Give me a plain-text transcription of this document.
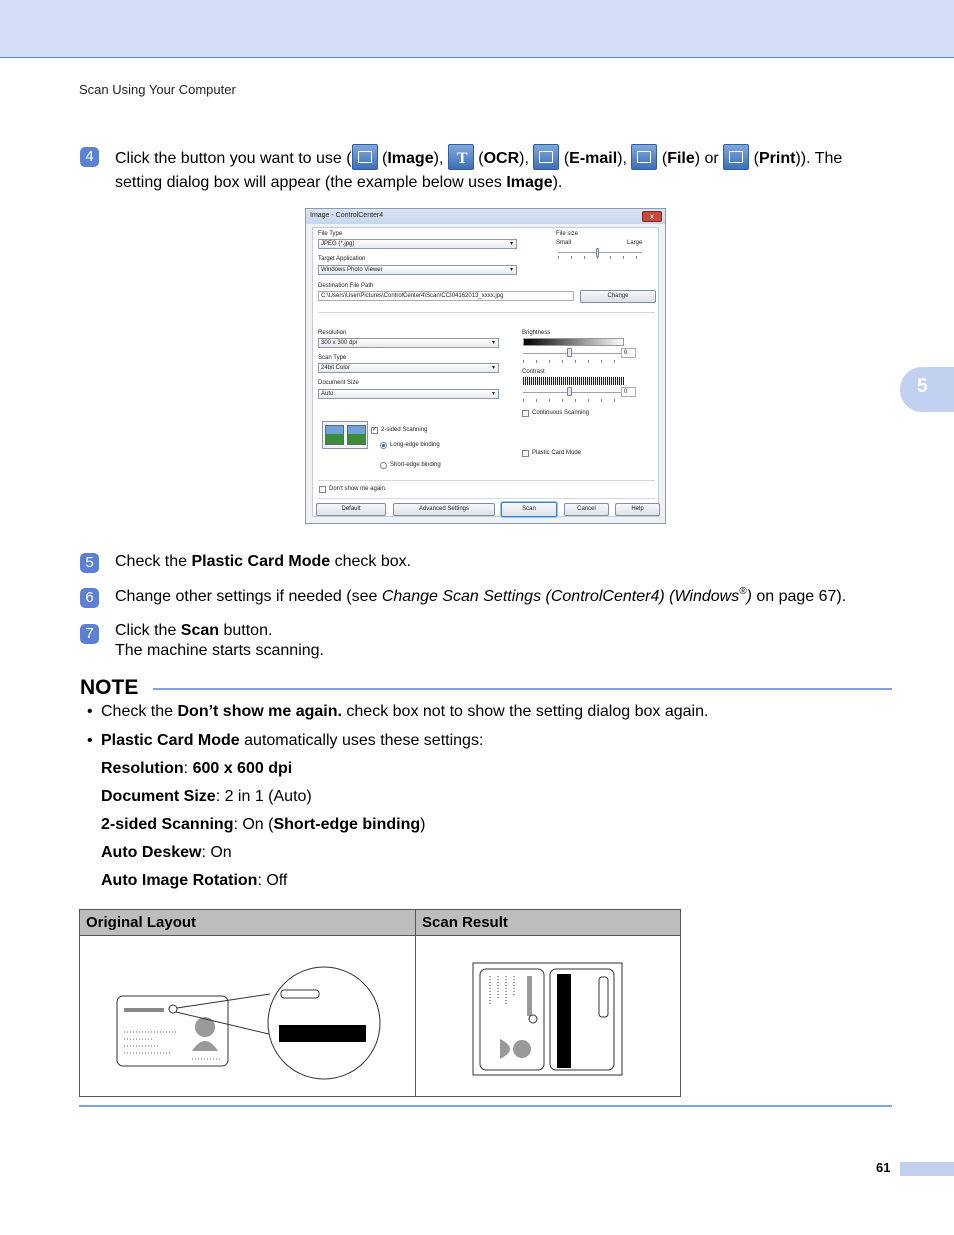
Scan Using Your Computer
5
4	Click the button you want to use (
(Image), T (OCR),
(E-mail),
(File) or
(Print)). The
setting dialog box will appear (the example below uses Image).
Image - ControlCenter4	x
File Type
JPEG (*.jpg) ▾
File size
Small	Large
Target Application
Windows Photo Viewer ▾
Destination File Path
C:\Users\User\Pictures\ControlCenter4\Scan\CCI04162013_xxxx.jpg	Change
Resolution
300 x 300 dpi ▾
Scan Type
24bit Color ▾
Document Size
Auto ▾
Brightness
0
Contrast
0
Continuous Scanning
✓ 2-sided Scanning
Long-edge binding
Short-edge binding
Plastic Card Mode
Don't show me again.
Default	Advanced Settings	Scan	Cancel	Help
5	Check the Plastic Card Mode check box.
6	Change other settings if needed (see Change Scan Settings (ControlCenter4) (Windows®) on page 67).
7	Click the Scan button.
The machine starts scanning.
NOTE
• Check the Don’t show me again. check box not to show the setting dialog box again.
• Plastic Card Mode automatically uses these settings:
Resolution: 600 x 600 dpi
Document Size: 2 in 1 (Auto)
2-sided Scanning: On (Short-edge binding)
Auto Deskew: On
Auto Image Rotation: Off
Original Layout	Scan Result

61
